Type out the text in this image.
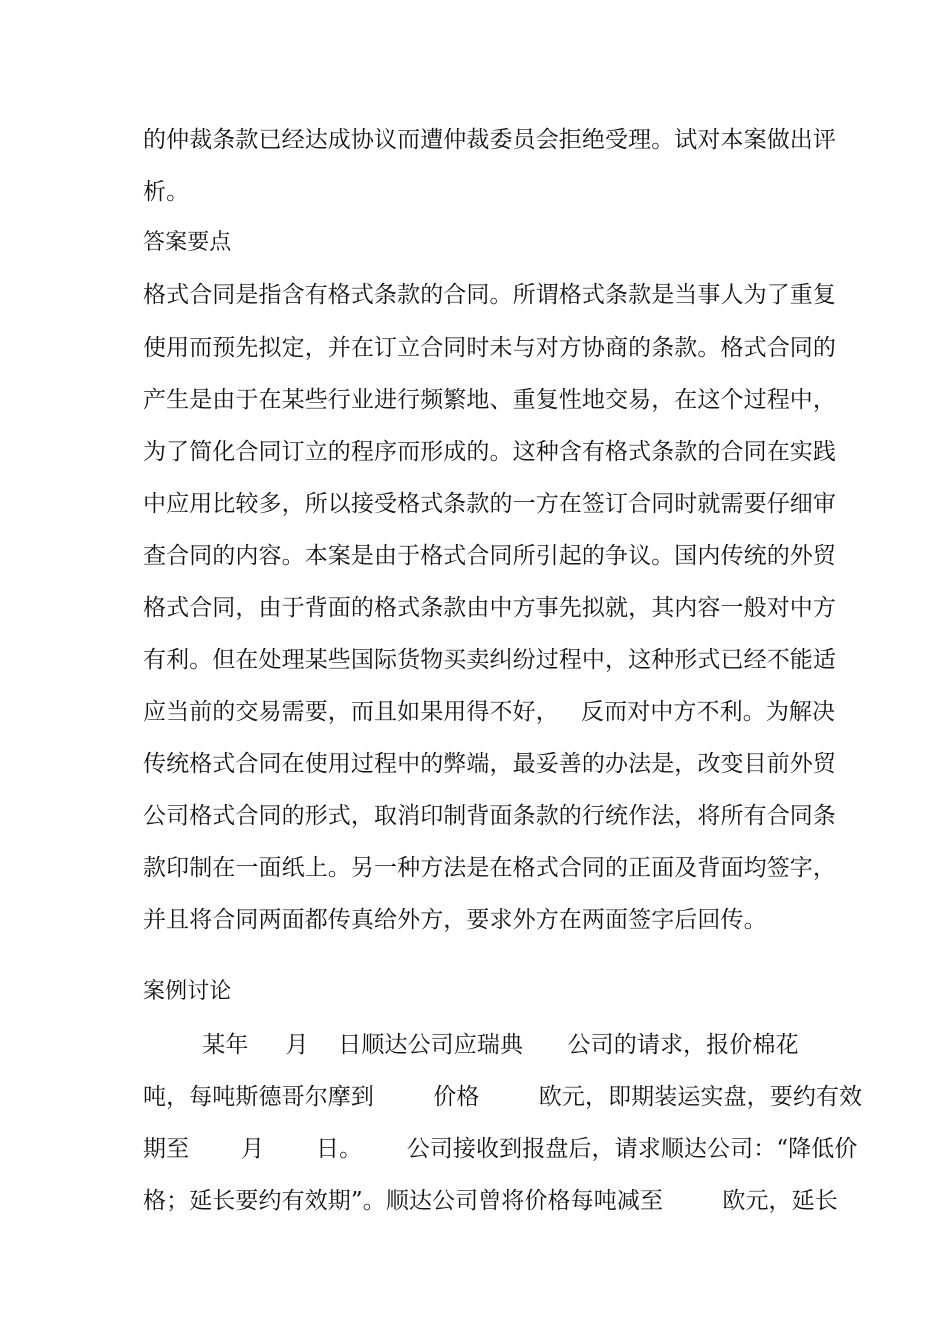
的仲裁条款已经达成协议而遭仲裁委员会拒绝受理。试对本案做出评
析。
答案要点
格式合同是指含有格式条款的合同。所谓格式条款是当事人为了重复
使用而预先拟定，并在订立合同时未与对方协商的条款。格式合同的
产生是由于在某些行业进行频繁地、重复性地交易，在这个过程中，
为了简化合同订立的程序而形成的。这种含有格式条款的合同在实践
中应用比较多，所以接受格式条款的一方在签订合同时就需要仔细审
查合同的内容。本案是由于格式合同所引起的争议。国内传统的外贸
格式合同，由于背面的格式条款由中方事先拟就，其内容一般对中方
有利。但在处理某些国际货物买卖纠纷过程中，这种形式已经不能适
应当前的交易需要，而且如果用得不好，   反而对中方不利。为解决
传统格式合同在使用过程中的弊端，最妥善的办法是，改变目前外贸
公司格式合同的形式，取消印制背面条款的行统作法，将所有合同条
款印制在一面纸上。另一种方法是在格式合同的正面及背面均签字，
并且将合同两面都传真给外方，要求外方在两面签字后回传。
案例讨论
某年     月    日顺达公司应瑞典      公司的请求，报价棉花
吨，每吨斯德哥尔摩到        价格        欧元，即期装运实盘，要约有效
期至       月       日。      公司接收到报盘后，请求顺达公司：“降低价
格；延长要约有效期”。顺达公司曾将价格每吨减至        欧元，延长
